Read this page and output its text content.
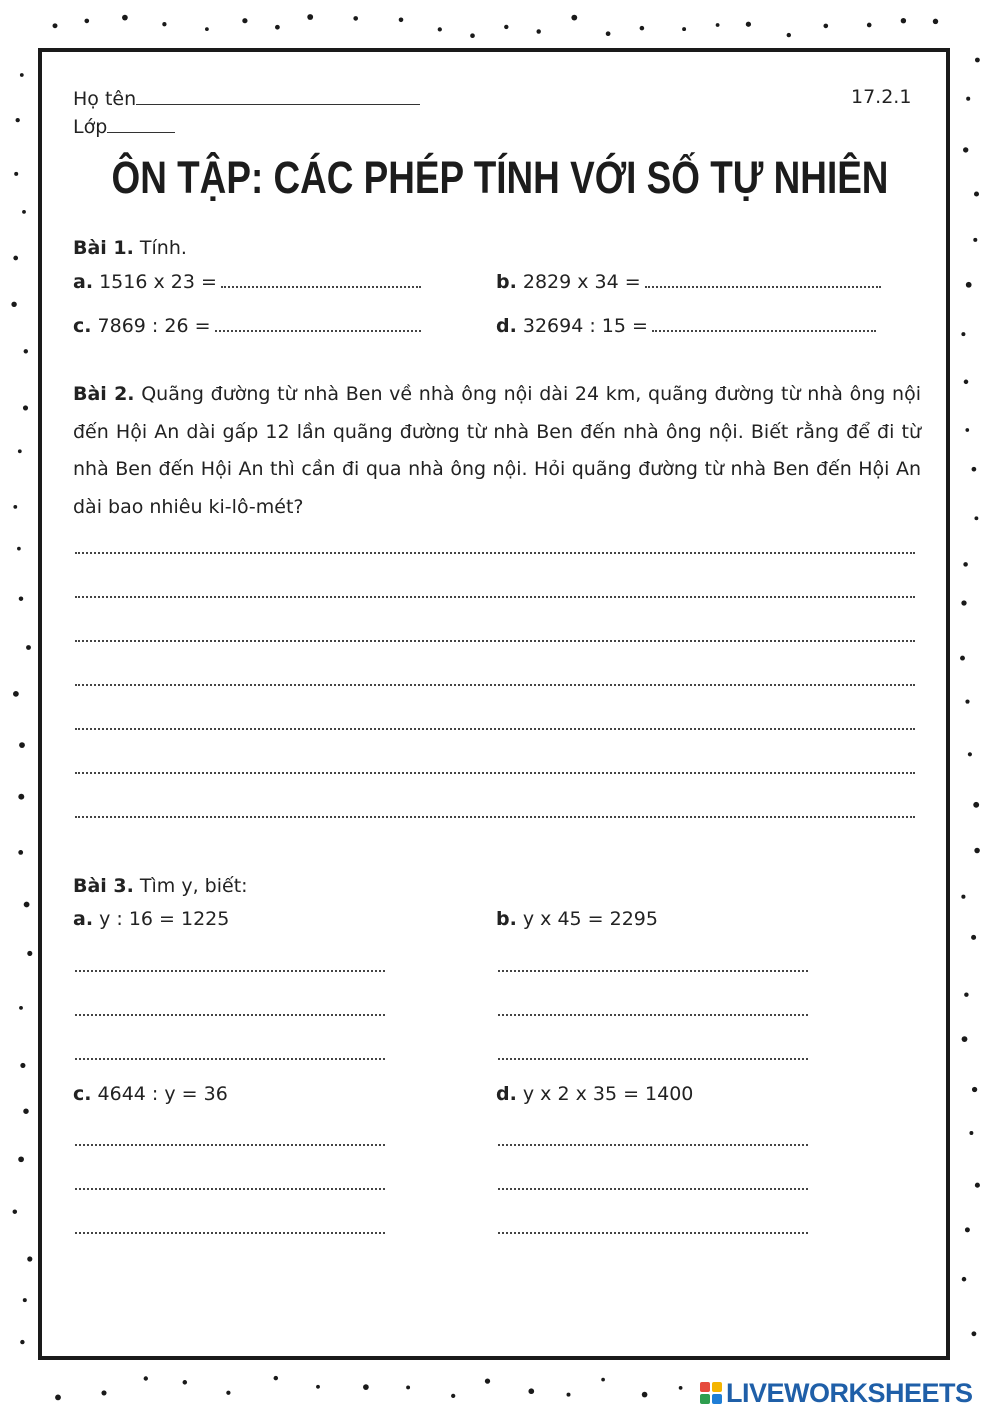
Họ tên
Lớp
17.2.1
ÔN TẬP: CÁC PHÉP TÍNH VỚI SỐ TỰ NHIÊN
Bài 1. Tính.
a. 1516 x 23 =	b. 2829 x 34 =
c. 7869 : 26 =	d. 32694 : 15 =
Bài 2. Quãng đường từ nhà Ben về nhà ông nội dài 24 km, quãng đường từ nhà ông nội đến Hội An dài gấp 12 lần quãng đường từ nhà Ben đến nhà ông nội. Biết rằng để đi từ nhà Ben đến Hội An thì cần đi qua nhà ông nội. Hỏi quãng đường từ nhà Ben đến Hội An dài bao nhiêu ki-lô-mét?
Bài 3. Tìm y, biết:
a. y : 16 = 1225	b. y x 45 = 2295
c. 4644 : y = 36	d. y x 2 x 35 = 1400
LIVEWORKSHEETS
